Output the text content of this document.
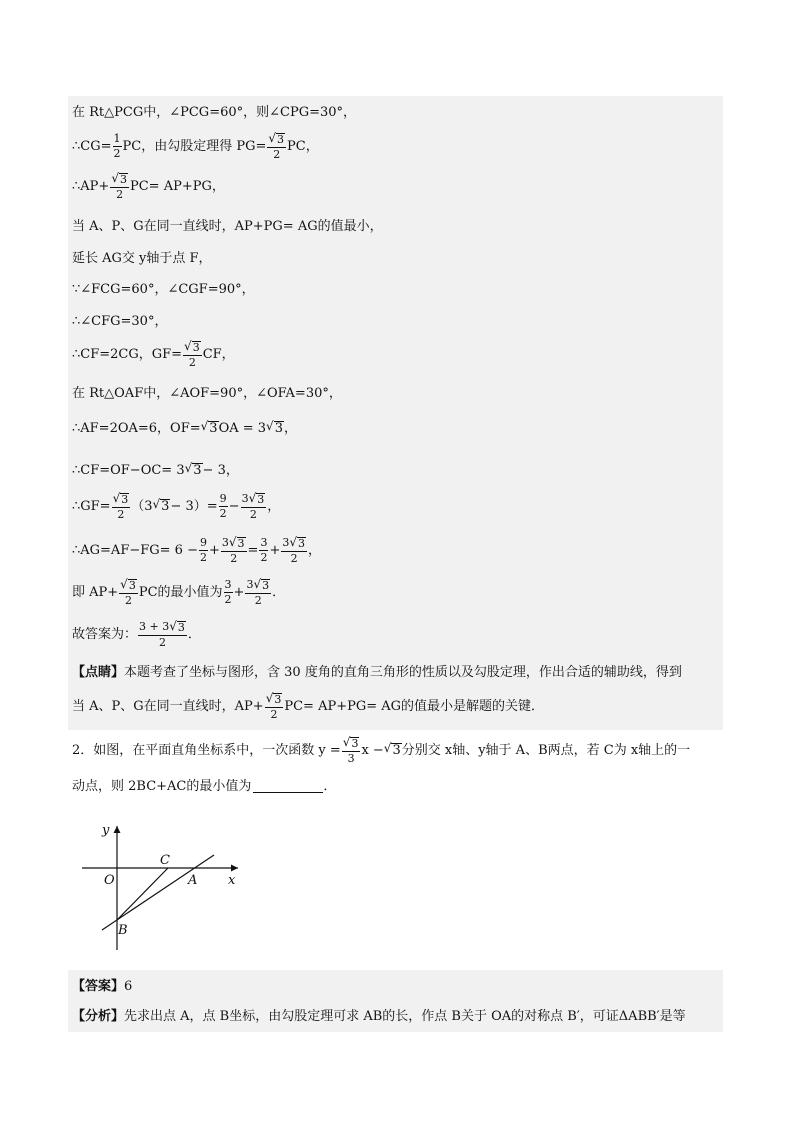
在 Rt△PCG中，∠PCG=60°，则∠CPG=30°，
∴CG= $\frac{1}{2}$ PC，由勾股定理得 $PG= \frac{√ 3}{2}$ PC，
∴AP+ $\frac{√ 3}{2} PC= AP+PG$，
当 A、P、G在同一直线时，AP+PG= AG的值最小，
延长 AG交 y轴于点 F，
∵∠FCG=60°，∠CGF=90°，
∴∠CFG=30°，
∴CF=2CG，$GF= \frac{√ 3}{2}$ CF，
在 Rt△OAF中，∠AOF=90°，∠OFA=30°，
∴AF=2OA=6，OF= √ 3 OA = 3 √ 3 ，
∴CF=OF−OC= 3 √ 3 − 3，
∴GF= $\frac{√ 3}{2} (3$ √ $3 - 3)= \frac{9}{2} - \frac{3 √ 3}{2}$ ，
∴AG=AF−FG= $6 - \frac{9}{2} + \frac{3 √ 3}{2} = \frac{3}{2} + \frac{3 √ 3}{2}$ ，
即 $AP+ \frac{√ 3}{2}$ PC的最小值为 $\frac{3}{2} + \frac{3 √ 3}{2}$ ．
故答案为： $\frac{3 + 3 √ 3}{2}$ ．
【点睛】 本题考查了坐标与图形，含 30 度角的直角三角形的性质以及勾股定理，作出合适的辅助线，得到
当 A、P、G在同一直线时，$AP+ \frac{√ 3}{2} PC= AP+PG=$ AG的值最小是解题的关键．
2．如图，在平面直角坐标系中，一次函数 $y = \frac{√ 3}{3}$ x − √ 3 分别交 x轴、y轴于 A、B两点，若 C为 x轴上的一
动点，则 2BC+AC的最小值为	．
y
x
O	A
B
C
【答案】 6
【分析】 先求出点 A，点 B坐标，由勾股定理可求 AB的长，作点 B关于 OA的对称点 B′，可证ΔABB′是等
